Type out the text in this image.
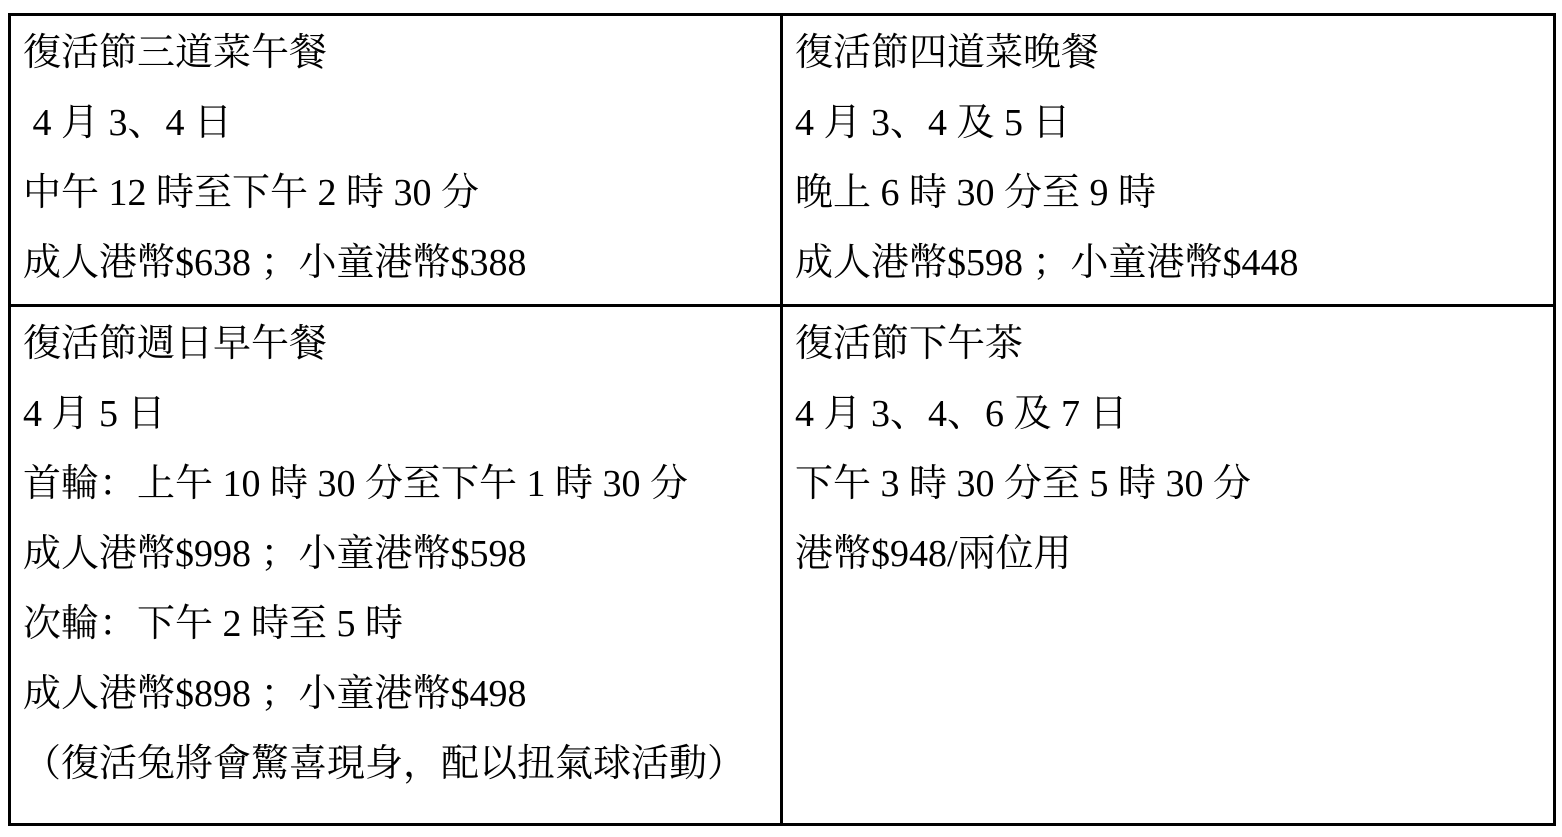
復活節三道菜午餐
4 月 3、4 日
中午 12 時至下午 2 時 30 分
成人港幣$638 ；小童港幣$388
復活節四道菜晚餐
4 月 3、4 及 5 日
晚上 6 時 30 分至 9 時
成人港幣$598 ；小童港幣$448
復活節週日早午餐
4 月 5 日
首輪：上午 10 時 30 分至下午 1 時 30 分
成人港幣$998 ；小童港幣$598
次輪：下午 2 時至 5 時
成人港幣$898 ；小童港幣$498
（復活兔將會驚喜現身，配以扭氣球活動）
復活節下午茶
4 月 3、4、6 及 7 日
下午 3 時 30 分至 5 時 30 分
港幣$948/兩位用
